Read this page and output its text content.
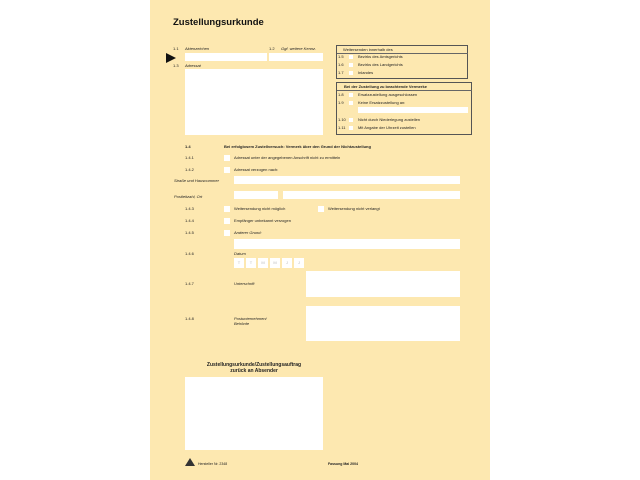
Zustellungsurkunde
1.1 Aktenzeichen	1.2 Ggf. weitere Kennz.
1.3 Adressat
Weitersenden innerhalb des
1.5	Bezirks des Amtsgerichts
1.6	Bezirks des Landgerichts
1.7	Inlandes
Bei der Zustellung zu beachtende Vermerke
1.8	Ersatzzustellung ausgeschlossen
1.9	Keine Ersatzzustellung an:
1.10	Nicht durch Niederlegung zustellen
1.11	Mit Angabe der Uhrzeit zustellen
1.4	Bei erfolglosem Zustellversuch: Vermerk über den Grund der Nichtzustellung
1.4.1	Adressat unter der angegebenen Anschrift nicht zu ermitteln
1.4.2	Adressat verzogen nach:
Straße und Hausnummer
Postleitzahl, Ort
1.4.3	Weitersendung nicht möglich	Weitersendung nicht verlangt
1.4.4	Empfänger unbekannt verzogen
1.4.5	Anderer Grund:
1.4.6	Datum
T	T	M	M	J	J
1.4.7	Unterschrift
1.4.8	Postunternehmen/
Behörde
Zustellungsurkunde/Zustellungsauftrag
zurück an Absender
Hersteller Nr. 2348	Fassung Mai 2004
